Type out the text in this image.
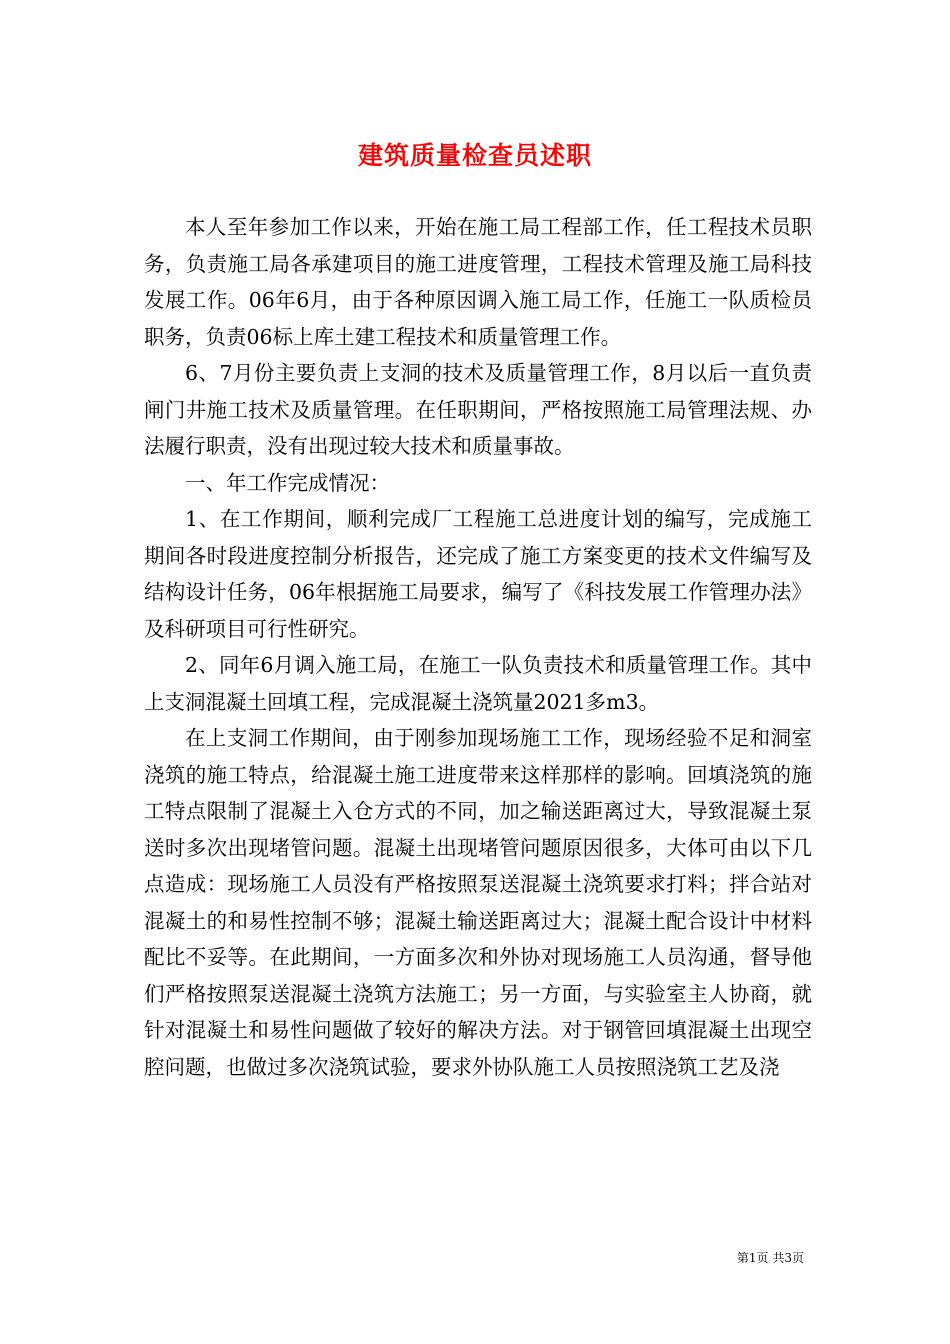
建筑质量检查员述职

本人至年参加工作以来，开始在施工局工程部工作，任工程技术员职务，负责施工局各承建项目的施工进度管理，工程技术管理及施工局科技发展工作。06年6月，由于各种原因调入施工局工作，任施工一队质检员职务，负责06标上库土建工程技术和质量管理工作。

6、7月份主要负责上支洞的技术及质量管理工作，8月以后一直负责闸门井施工技术及质量管理。在任职期间，严格按照施工局管理法规、办法履行职责，没有出现过较大技术和质量事故。

一、年工作完成情况：

1、在工作期间，顺利完成厂工程施工总进度计划的编写，完成施工期间各时段进度控制分析报告，还完成了施工方案变更的技术文件编写及结构设计任务，06年根据施工局要求，编写了《科技发展工作管理办法》及科研项目可行性研究。

2、同年6月调入施工局，在施工一队负责技术和质量管理工作。其中上支洞混凝土回填工程，完成混凝土浇筑量2021多m3。

在上支洞工作期间，由于刚参加现场施工工作，现场经验不足和洞室浇筑的施工特点，给混凝土施工进度带来这样那样的影响。回填浇筑的施工特点限制了混凝土入仓方式的不同，加之输送距离过大，导致混凝土泵送时多次出现堵管问题。混凝土出现堵管问题原因很多，大体可由以下几点造成：现场施工人员没有严格按照泵送混凝土浇筑要求打料；拌合站对混凝土的和易性控制不够；混凝土输送距离过大；混凝土配合设计中材料配比不妥等。在此期间，一方面多次和外协对现场施工人员沟通，督导他们严格按照泵送混凝土浇筑方法施工；另一方面，与实验室主人协商，就针对混凝土和易性问题做了较好的解决方法。对于钢管回填混凝土出现空腔问题，也做过多次浇筑试验，要求外协队施工人员按照浇筑工艺及浇

第1页 共3页
